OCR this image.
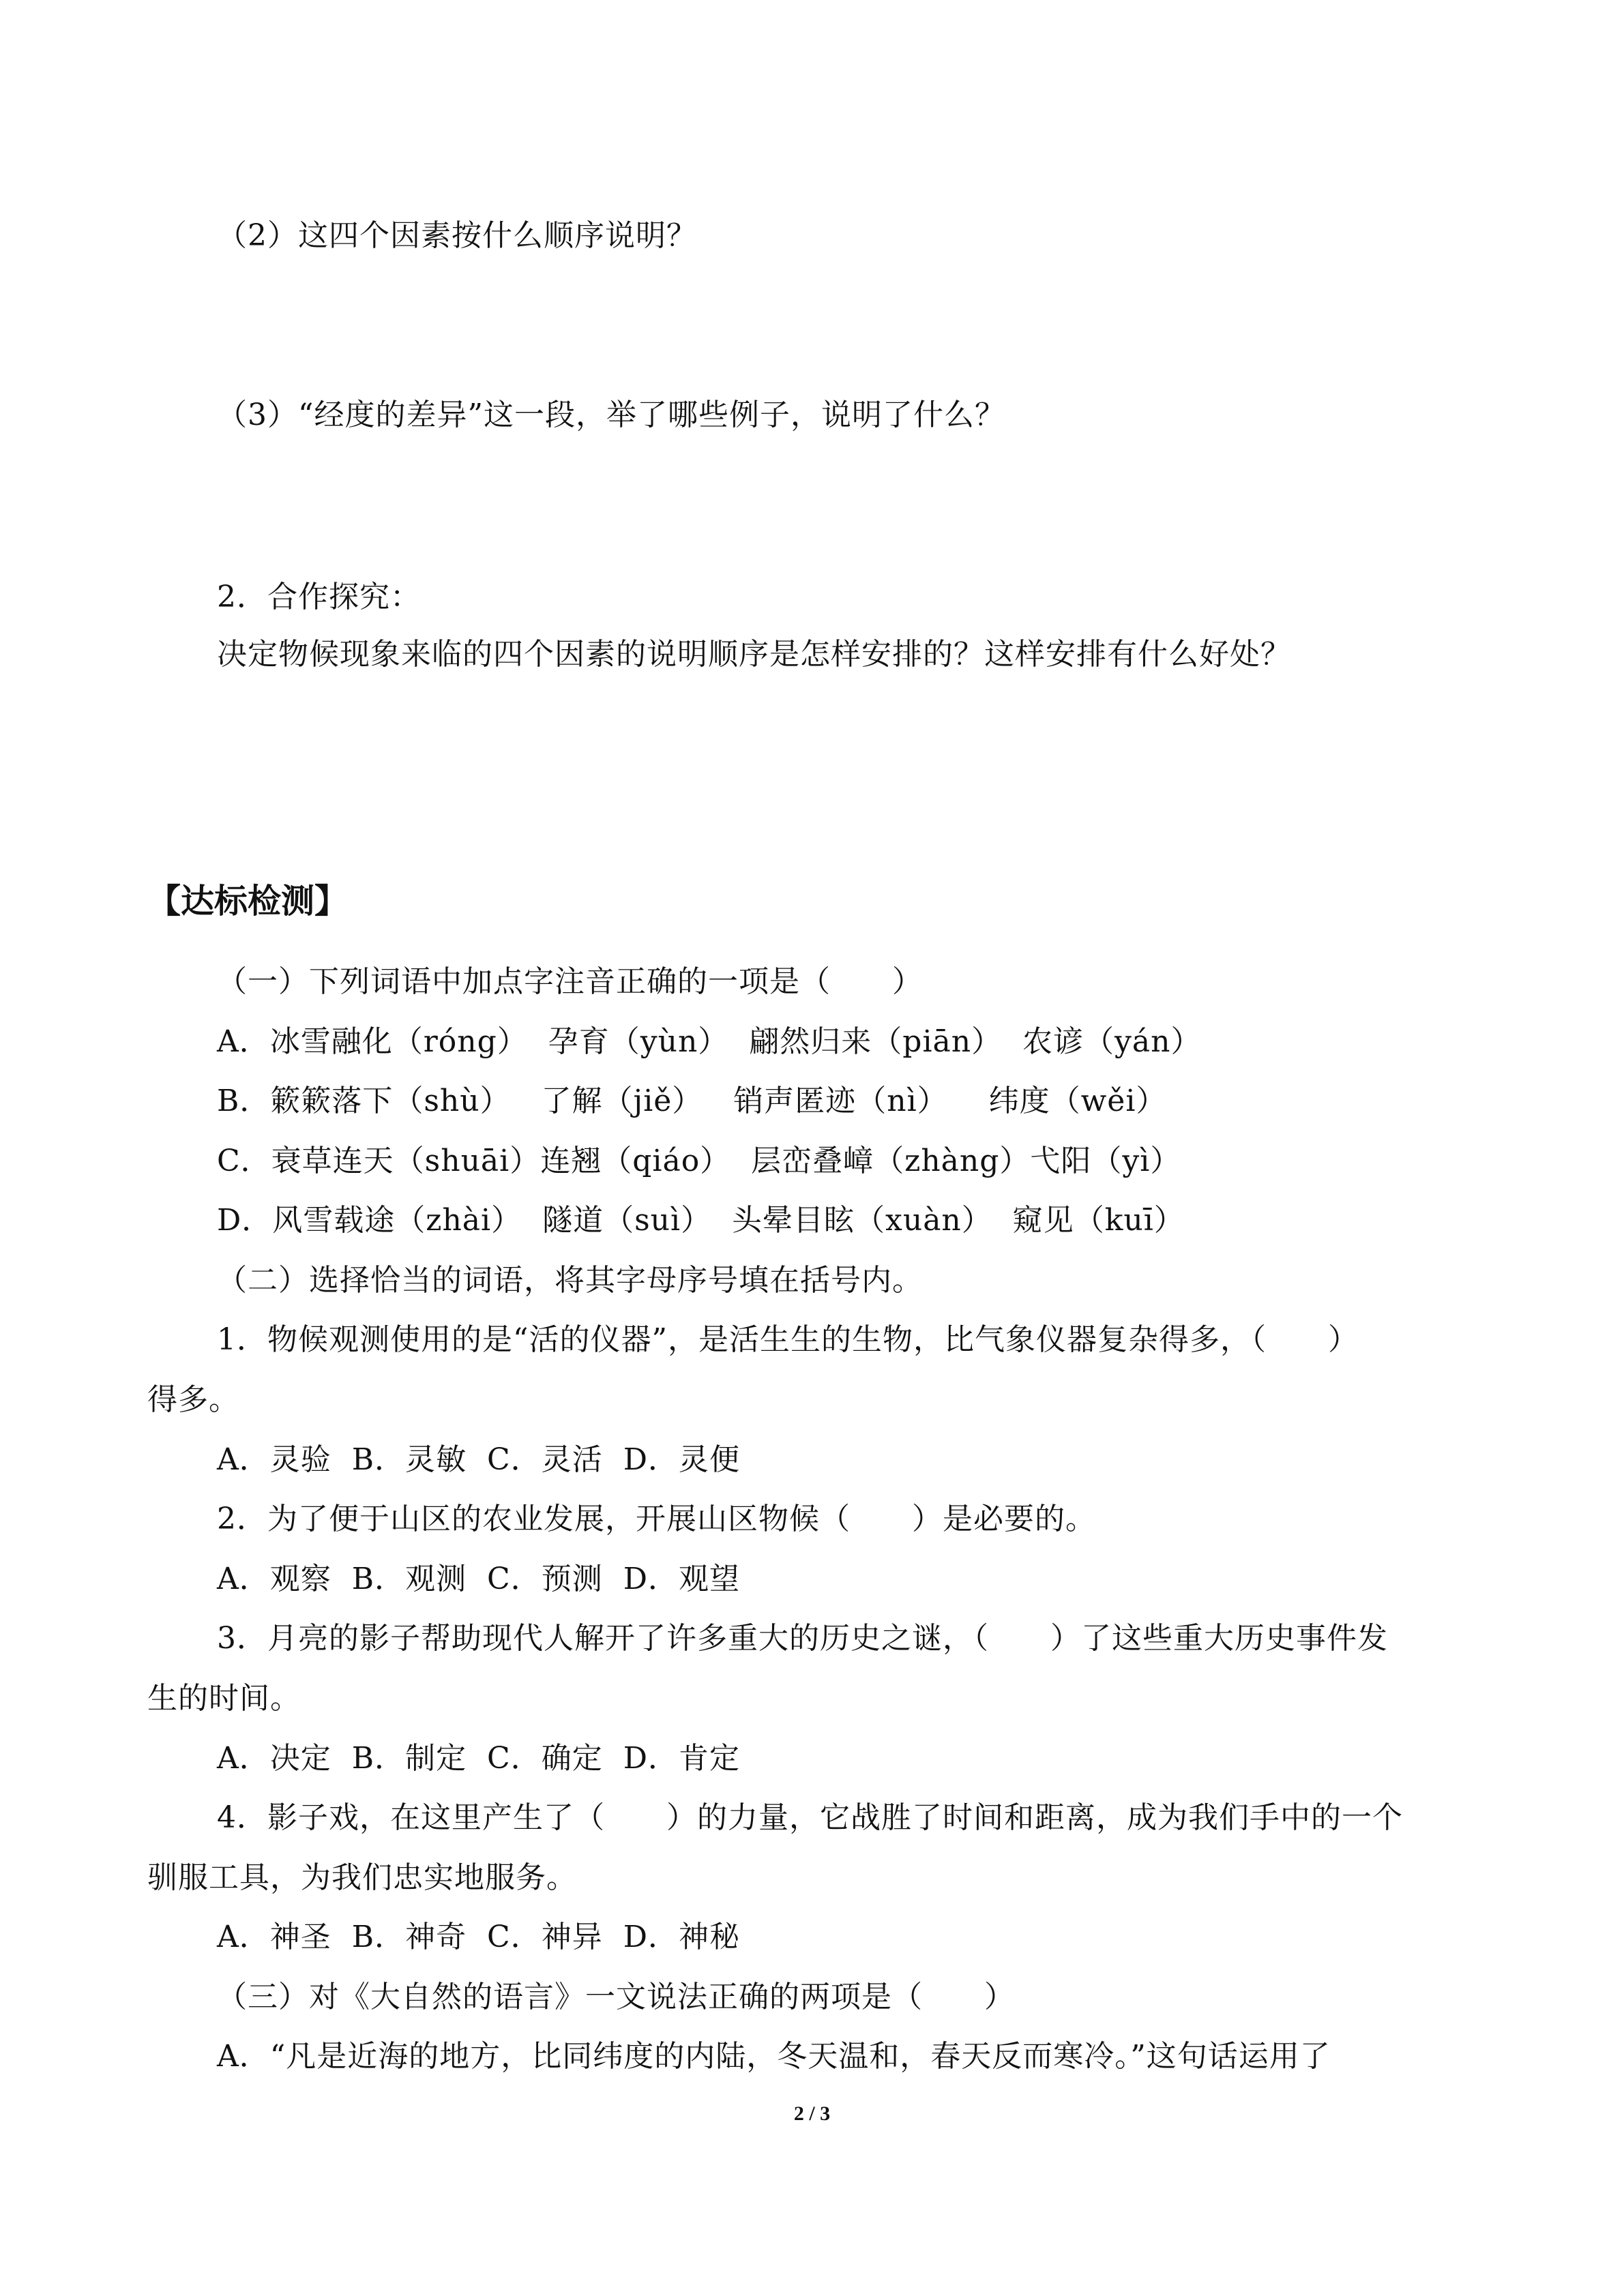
（2）这四个因素按什么顺序说明？
（3）“经度的差异”这一段，举了哪些例子，说明了什么？
2．合作探究：
决定物候现象来临的四个因素的说明顺序是怎样安排的？这样安排有什么好处？
【达标检测】
（一）下列词语中加点字注音正确的一项是（　　）
A．冰雪融化（róng）  孕育（yùn）  翩然归来（piān）  农谚（yán）
B．簌簌落下（shù）   了解（jiě）   销声匿迹（nì）    纬度（wěi）
C．衰草连天（shuāi）连翘（qiáo）  层峦叠嶂（zhàng）弋阳（yì）
D．风雪载途（zhài）  隧道（suì）  头晕目眩（xuàn）  窥见（kuī）
（二）选择恰当的词语，将其字母序号填在括号内。
1．物候观测使用的是“活的仪器”，是活生生的生物，比气象仪器复杂得多，（　　）
得多。
A．灵验  B．灵敏  C．灵活  D．灵便
2．为了便于山区的农业发展，开展山区物候（　　）是必要的。
A．观察  B．观测  C．预测  D．观望
3．月亮的影子帮助现代人解开了许多重大的历史之谜，（　　）了这些重大历史事件发
生的时间。
A．决定  B．制定  C．确定  D．肯定
4．影子戏，在这里产生了（　　）的力量，它战胜了时间和距离，成为我们手中的一个
驯服工具，为我们忠实地服务。
A．神圣  B．神奇  C．神异  D．神秘
（三）对《大自然的语言》一文说法正确的两项是（　　）
A．“凡是近海的地方，比同纬度的内陆，冬天温和，春天反而寒冷。”这句话运用了
2 / 3
